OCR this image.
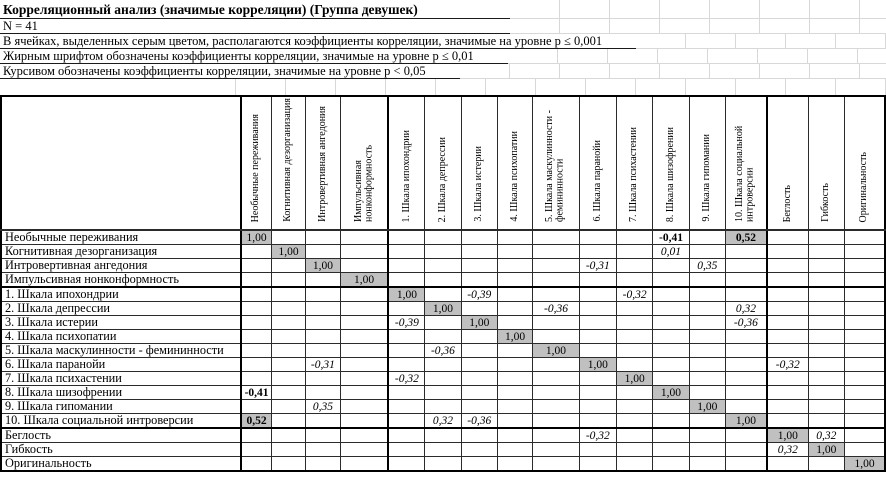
Корреляционный анализ (значимые корреляции) (Группа девушек)
N = 41
В ячейках, выделенных серым цветом, располагаются коэффициенты корреляции, значимые на уровне р ≤ 0,001
Жирным шрифтом обозначены коэффициенты корреляции, значимые на уровне р ≤ 0,01
Курсивом обозначены коэффициенты корреляции, значимые на уровне р < 0,05
	Необычные переживания	Когнитивная дезорганизация	Интровертивная ангедония	Импульсивная нонконформность	1. Шкала ипохондрии	2. Шкала депрессии	3. Шкала истерии	4. Шкала психопатии	5. Шкала маскулинности - фемининности	6. Шкала паранойи	7. Шкала психастении	8. Шкала шизофрении	9. Шкала гипомании	10. Шкала социальной интроверсии	Беглость	Гибкость	Оригинальность
Необычные переживания	1,00											-0,41		0,52			
Когнитивная дезорганизация		1,00										0,01					
Интровертивная ангедония			1,00							-0,31			0,35				
Импульсивная нонконформность				1,00													
1. Шкала ипохондрии					1,00		-0,39				-0,32						
2. Шкала депрессии						1,00			-0,36					0,32			
3. Шкала истерии					-0,39		1,00							-0,36			
4. Шкала психопатии								1,00									
5. Шкала маскулинности - фемининности						-0,36			1,00								
6. Шкала паранойи			-0,31							1,00					-0,32		
7. Шкала психастении					-0,32						1,00						
8. Шкала шизофрении	-0,41											1,00					
9. Шкала гипомании			0,35										1,00				
10. Шкала социальной интроверсии	0,52					0,32	-0,36							1,00			
Беглость										-0,32					1,00	0,32	
Гибкость															0,32	1,00	
Оригинальность																	1,00
